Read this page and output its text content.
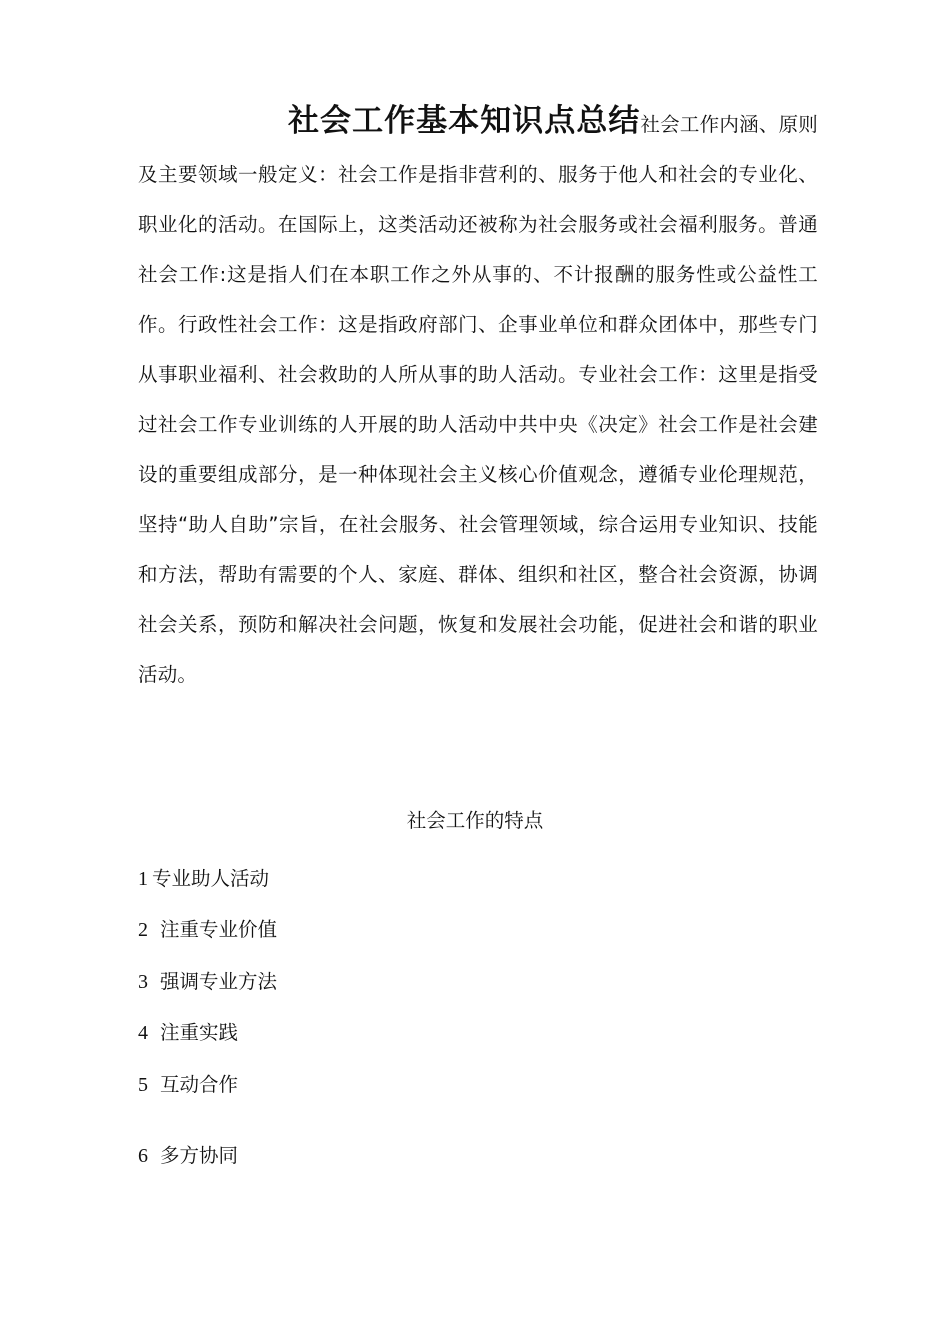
社会工作基本知识点总结社会工作内涵、原则及主要领域一般定义：社会工作是指非营利的、服务于他人和社会的专业化、职业化的活动。在国际上，这类活动还被称为社会服务或社会福利服务。普通社会工作:这是指人们在本职工作之外从事的、不计报酬的服务性或公益性工作。行政性社会工作：这是指政府部门、企事业单位和群众团体中，那些专门从事职业福利、社会救助的人所从事的助人活动。专业社会工作：这里是指受过社会工作专业训练的人开展的助人活动中共中央《决定》社会工作是社会建设的重要组成部分，是一种体现社会主义核心价值观念，遵循专业伦理规范，坚持“助人自助”宗旨，在社会服务、社会管理领域，综合运用专业知识、技能和方法，帮助有需要的个人、家庭、群体、组织和社区，整合社会资源，协调社会关系，预防和解决社会问题，恢复和发展社会功能，促进社会和谐的职业活动。
社会工作的特点
1 专业助人活动
2 注重专业价值
3 强调专业方法
4 注重实践
5 互动合作
6 多方协同
